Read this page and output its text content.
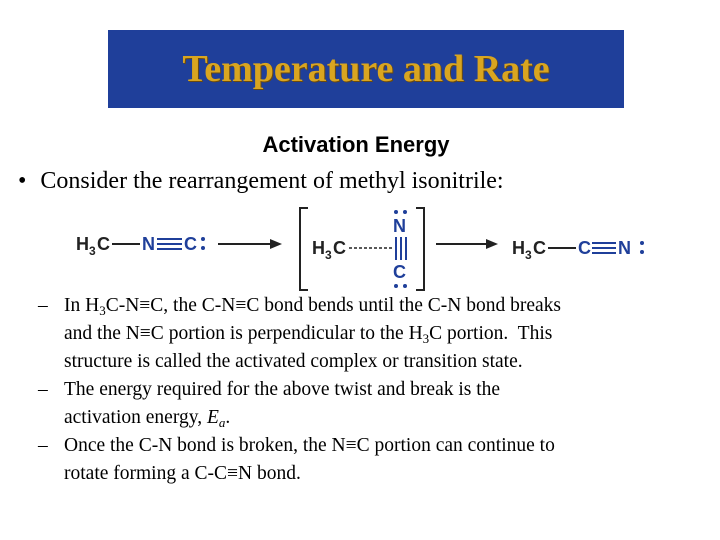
Temperature and Rate
Activation Energy
• Consider the rearrangement of methyl isonitrile:
H 3 C N C	H 3 C
N
C
H 3 C C N
– In $H_3C-N\equiv C$, the C-N≡C bond bends until the C-N bond breaks
and the N≡C portion is perpendicular to the $H_3C$ portion.  This
structure is called the activated complex or transition state.
– The energy required for the above twist and break is the
activation energy, $E_a$.
– Once the C-N bond is broken, the N≡C portion can continue to
rotate forming a C-C≡N bond.
